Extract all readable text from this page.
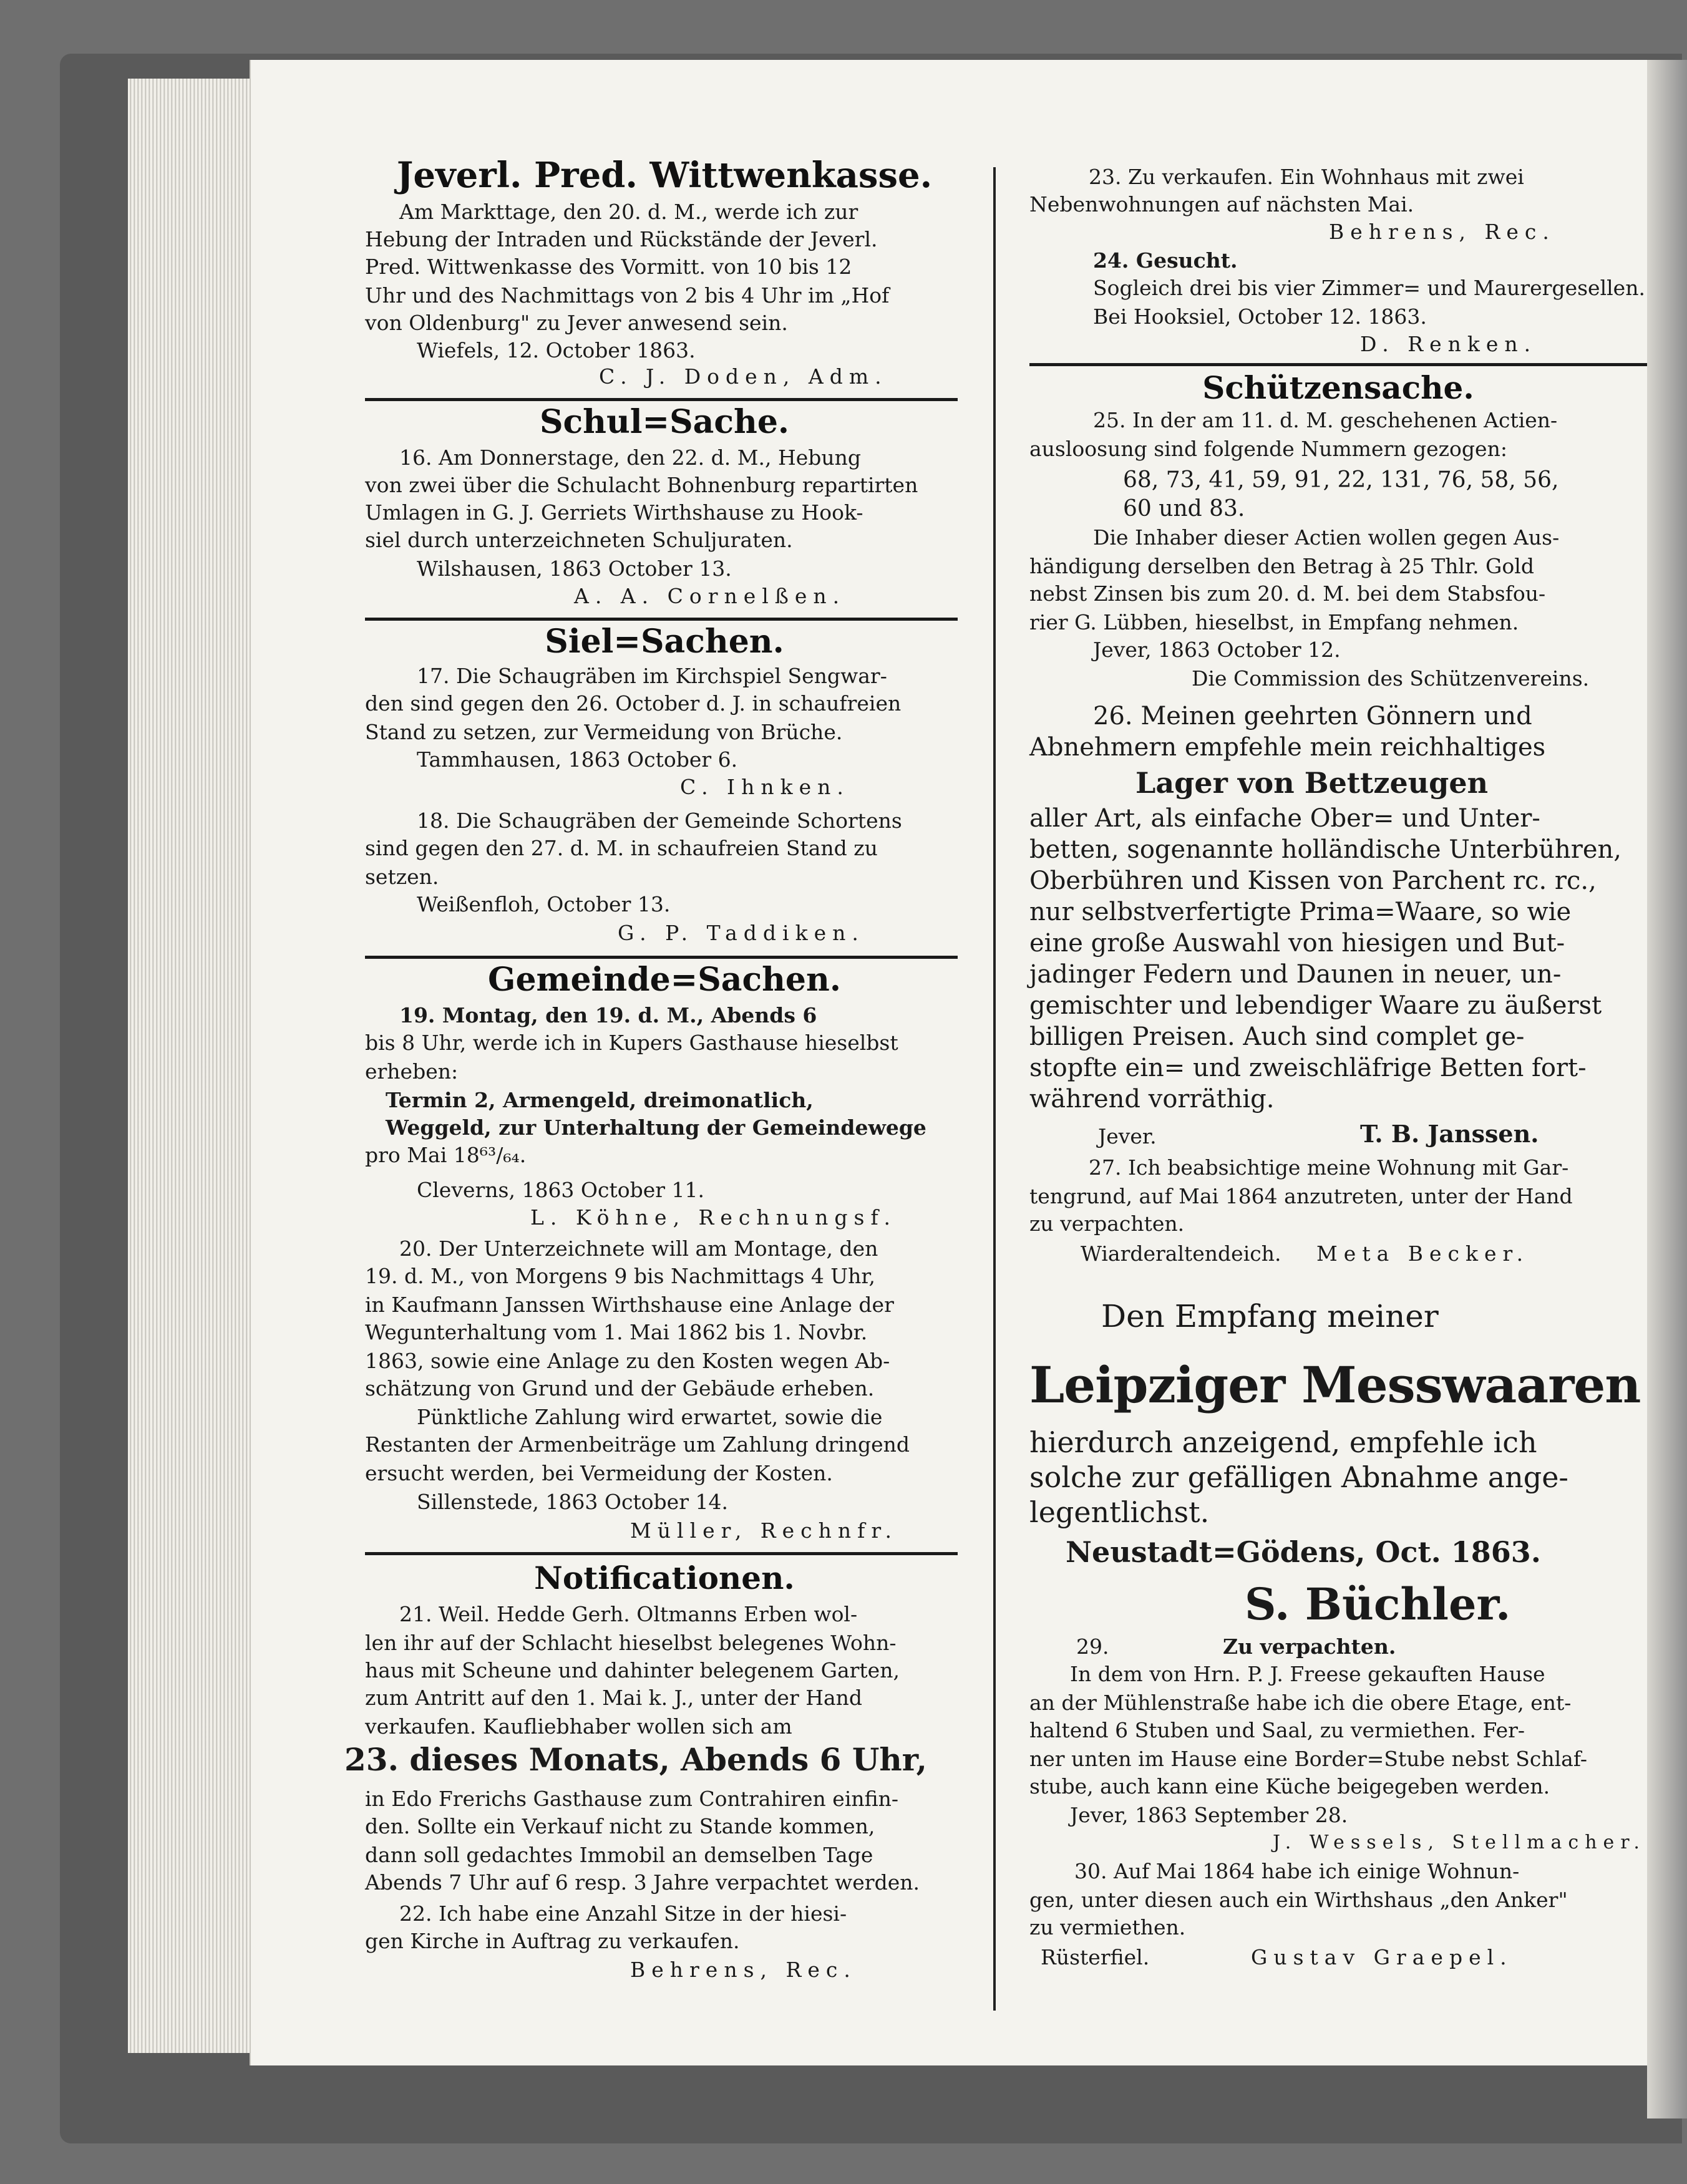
Jeverl. Pred. Wittwenkasse.
Am Markttage, den 20. d. M., werde ich zur
Hebung der Intraden und Rückstände der Jeverl.
Pred. Wittwenkasse des Vormitt. von 10 bis 12
Uhr und des Nachmittags von 2 bis 4 Uhr im „Hof
von Oldenburg" zu Jever anwesend sein.
Wiefels, 12. October 1863.
C. J. Doden, Adm.
Schul=Sache.
16. Am Donnerstage, den 22. d. M., Hebung
von zwei über die Schulacht Bohnenburg repartirten
Umlagen in G. J. Gerriets Wirthshause zu Hook-
siel durch unterzeichneten Schuljuraten.
Wilshausen, 1863 October 13.
A. A. Cornelßen.
Siel=Sachen.
17. Die Schaugräben im Kirchspiel Sengwar-
den sind gegen den 26. October d. J. in schaufreien
Stand zu setzen, zur Vermeidung von Brüche.
Tammhausen, 1863 October 6.
C. Ihnken.
18. Die Schaugräben der Gemeinde Schortens
sind gegen den 27. d. M. in schaufreien Stand zu
setzen.
Weißenfloh, October 13.
G. P. Taddiken.
Gemeinde=Sachen.
19. Montag, den 19. d. M., Abends 6
bis 8 Uhr, werde ich in Kupers Gasthause hieselbst
erheben:
Termin 2, Armengeld, dreimonatlich,
Weggeld, zur Unterhaltung der Gemeindewege
pro Mai 18⁶³/₆₄.
Cleverns, 1863 October 11.
L. Köhne, Rechnungsf.
20. Der Unterzeichnete will am Montage, den
19. d. M., von Morgens 9 bis Nachmittags 4 Uhr,
in Kaufmann Janssen Wirthshause eine Anlage der
Wegunterhaltung vom 1. Mai 1862 bis 1. Novbr.
1863, sowie eine Anlage zu den Kosten wegen Ab-
schätzung von Grund und der Gebäude erheben.
Pünktliche Zahlung wird erwartet, sowie die
Restanten der Armenbeiträge um Zahlung dringend
ersucht werden, bei Vermeidung der Kosten.
Sillenstede, 1863 October 14.
Müller, Rechnfr.
Notificationen.
21. Weil. Hedde Gerh. Oltmanns Erben wol-
len ihr auf der Schlacht hieselbst belegenes Wohn-
haus mit Scheune und dahinter belegenem Garten,
zum Antritt auf den 1. Mai k. J., unter der Hand
verkaufen. Kaufliebhaber wollen sich am
23. dieses Monats, Abends 6 Uhr,
in Edo Frerichs Gasthause zum Contrahiren einfin-
den. Sollte ein Verkauf nicht zu Stande kommen,
dann soll gedachtes Immobil an demselben Tage
Abends 7 Uhr auf 6 resp. 3 Jahre verpachtet werden.
22. Ich habe eine Anzahl Sitze in der hiesi-
gen Kirche in Auftrag zu verkaufen.
Behrens, Rec.
23. Zu verkaufen. Ein Wohnhaus mit zwei
Nebenwohnungen auf nächsten Mai.
Behrens, Rec.
24. Gesucht.
Sogleich drei bis vier Zimmer= und Maurergesellen.
Bei Hooksiel, October 12. 1863.
D. Renken.
Schützensache.
25. In der am 11. d. M. geschehenen Actien-
ausloosung sind folgende Nummern gezogen:
68, 73, 41, 59, 91, 22, 131, 76, 58, 56,
60 und 83.
Die Inhaber dieser Actien wollen gegen Aus-
händigung derselben den Betrag à 25 Thlr. Gold
nebst Zinsen bis zum 20. d. M. bei dem Stabsfou-
rier G. Lübben, hieselbst, in Empfang nehmen.
Jever, 1863 October 12.
Die Commission des Schützenvereins.
26. Meinen geehrten Gönnern und
Abnehmern empfehle mein reichhaltiges
Lager von Bettzeugen
aller Art, als einfache Ober= und Unter-
betten, sogenannte holländische Unterbühren,
Oberbühren und Kissen von Parchent rc. rc.,
nur selbstverfertigte Prima=Waare, so wie
eine große Auswahl von hiesigen und But-
jadinger Federn und Daunen in neuer, un-
gemischter und lebendiger Waare zu äußerst
billigen Preisen. Auch sind complet ge-
stopfte ein= und zweischläfrige Betten fort-
während vorräthig.
Jever.	T. B. Janssen.
27. Ich beabsichtige meine Wohnung mit Gar-
tengrund, auf Mai 1864 anzutreten, unter der Hand
zu verpachten.
Wiarderaltendeich. Meta Becker.
Den Empfang meiner
Leipziger Messwaaren
hierdurch anzeigend, empfehle ich
solche zur gefälligen Abnahme ange-
legentlichst.
Neustadt=Gödens, Oct. 1863.
S. Büchler.
29.	Zu verpachten.
In dem von Hrn. P. J. Freese gekauften Hause
an der Mühlenstraße habe ich die obere Etage, ent-
haltend 6 Stuben und Saal, zu vermiethen. Fer-
ner unten im Hause eine Border=Stube nebst Schlaf-
stube, auch kann eine Küche beigegeben werden.
Jever, 1863 September 28.
J. Wessels, Stellmacher.
30. Auf Mai 1864 habe ich einige Wohnun-
gen, unter diesen auch ein Wirthshaus „den Anker"
zu vermiethen.
Rüsterfiel.	Gustav Graepel.
